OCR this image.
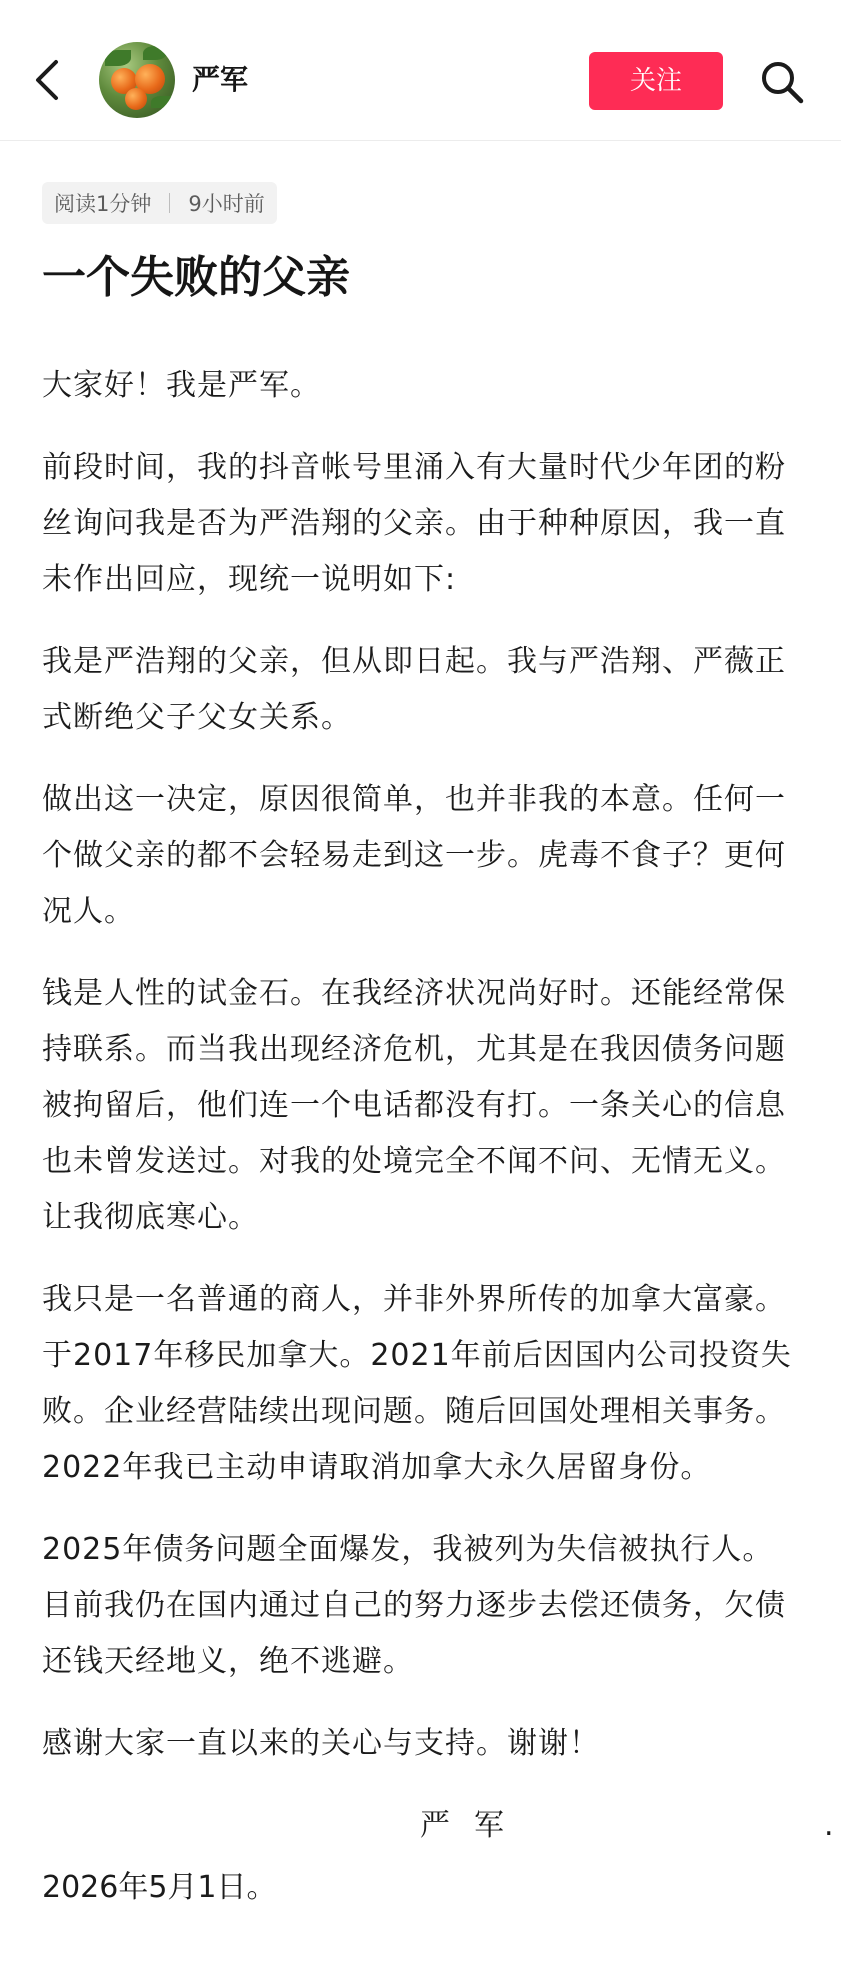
严军	关注
阅读1分钟 9小时前
一个失败的父亲

大家好！我是严军。

前段时间，我的抖音帐号里涌入有大量时代少年团的粉丝询问我是否为严浩翔的父亲。由于种种原因，我一直未作出回应，现统一说明如下:

我是严浩翔的父亲，但从即日起。我与严浩翔、严薇正式断绝父子父女关系。

做出这一决定，原因很简单，也并非我的本意。任何一个做父亲的都不会轻易走到这一步。虎毒不食子？更何况人。

钱是人性的试金石。在我经济状况尚好时。还能经常保持联系。而当我出现经济危机，尤其是在我因债务问题被拘留后，他们连一个电话都没有打。一条关心的信息也未曾发送过。对我的处境完全不闻不问、无情无义。让我彻底寒心。

我只是一名普通的商人，并非外界所传的加拿大富豪。于2017年移民加拿大。2021年前后因国内公司投资失败。企业经营陆续出现问题。随后回国处理相关事务。 2022年我已主动申请取消加拿大永久居留身份。

2025年债务问题全面爆发，我被列为失信被执行人。目前我仍在国内通过自己的努力逐步去偿还债务，欠债还钱天经地义，绝不逃避。

感谢大家一直以来的关心与支持。谢谢！

严军	.
2026年5月1日。
